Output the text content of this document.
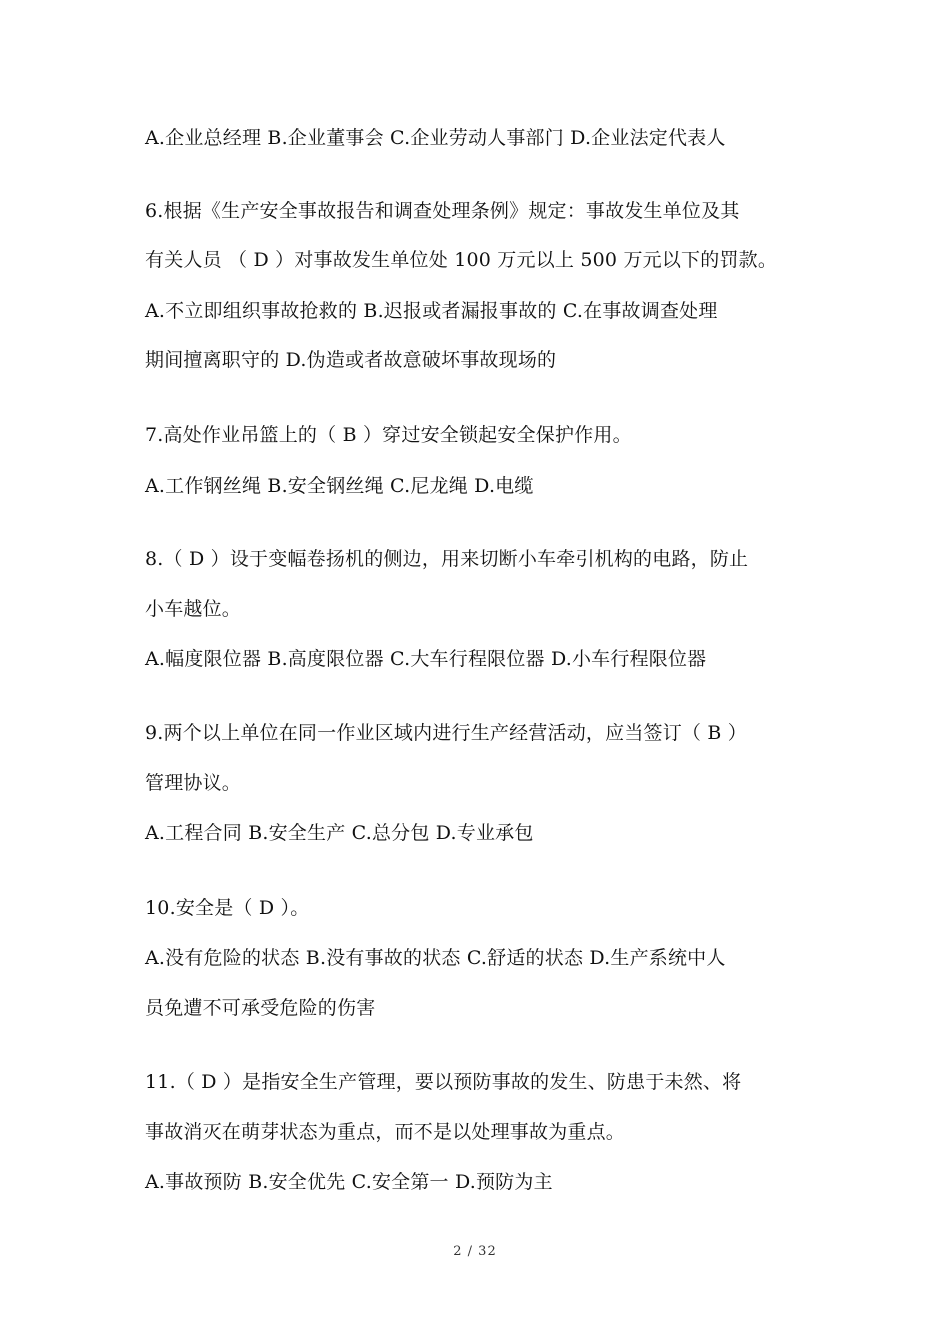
A.企业总经理 B.企业董事会 C.企业劳动人事部门 D.企业法定代表人
6.根据《生产安全事故报告和调查处理条例》规定：事故发生单位及其
有关人员 （ D ）对事故发生单位处 100 万元以上 500 万元以下的罚款。
A.不立即组织事故抢救的 B.迟报或者漏报事故的 C.在事故调查处理
期间擅离职守的 D.伪造或者故意破坏事故现场的
7.高处作业吊篮上的（ B ）穿过安全锁起安全保护作用。
A.工作钢丝绳 B.安全钢丝绳 C.尼龙绳 D.电缆
8.（ D ）设于变幅卷扬机的侧边，用来切断小车牵引机构的电路，防止
小车越位。
A.幅度限位器 B.高度限位器 C.大车行程限位器 D.小车行程限位器
9.两个以上单位在同一作业区域内进行生产经营活动，应当签订（ B ）
管理协议。
A.工程合同 B.安全生产 C.总分包 D.专业承包
10.安全是（ D ）。
A.没有危险的状态 B.没有事故的状态 C.舒适的状态 D.生产系统中人
员免遭不可承受危险的伤害
11.（ D ）是指安全生产管理，要以预防事故的发生、防患于未然、将
事故消灭在萌芽状态为重点，而不是以处理事故为重点。
A.事故预防 B.安全优先 C.安全第一 D.预防为主
2 / 32
